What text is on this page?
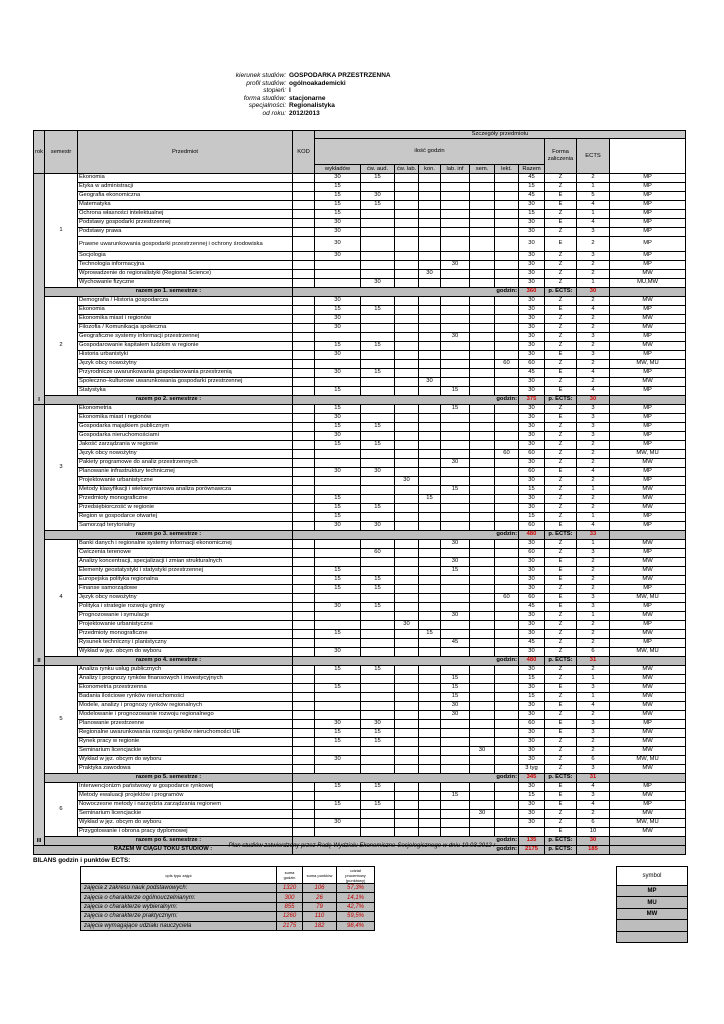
kierunek studiów: GOSPODARKA PRZESTRZENNA
profil studiów: ogólnoakademicki
stopień: I
forma studiów: stacjonarne
specjalności: Regionalistyka
od roku: 2012/2013
rok	semestr	Przedmiot	KOD	Szczegóły przedmiotu	
				ilość godzin								Forma zaliczenia	ECTS		
				wykładów	ćw. aud.	ćw. lab.	kon.	lab. inf	sem.	lekt.	Razem				
I	1	Ekonomia		30	15						45	Z	2	MP	
		Etyka w administracji		15							15	Z	1	MP	
		Geografia ekonomiczna		15	30						45	E	5	MP	
		Matematyka		15	15						30	E	4	MP	
		Ochrona własności intelektualnej		15							15	Z	1	MP	
		Podstawy gospodarki przestrzennej		30							30	E	4	MP	
		Podstawy prawa		30							30	Z	3	MP	
		Prawne uwarunkowania gospodarki przestrzennej i ochrony środowiska		30							30	E	2	MP	
		Socjologia		30							30	Z	3	MP	
		Technologia informacyjna						30			30	Z	2	MP	
		Wprowadzenie do regionalistyki (Regional Science)					30				30	Z	2	MW	
		Wychowanie fizyczne			30						30	Z	1	MU,MW	
	razem po 1. semestrze :		godzin:								360	p. ECTS:	30		
	2	Demografia / Historia gospodarcza		30							30	Z	2	MW	
		Ekonomia		15	15						30	E	4	MP	
		Ekonomika miast i regionów		30							30	Z	2	MW	
		Filozofia / Komunikacja społeczna		30							30	Z	2	MW	
		Geograficzne systemy informacji przestrzennej						30			30	Z	3	MP	
		Gospodarowanie kapitałem ludzkim w regionie		15	15						30	Z	2	MW	
		Historia urbanistyki		30							30	E	3	MP	
		Język obcy nowożytny								60	60	Z	2	MW, MU	
		Przyrodnicze uwarunkowania gospodarowania przestrzenią		30	15						45	E	4	MP	
		Społeczno–kulturowe uwarunkowania gospodarki przestrzennej					30				30	Z	2	MW	
		Statystyka		15				15			30	E	4	MP	
	razem po 2. semestrze :		godzin:								375	p. ECTS:	30		
II	3	Ekonometria		15				15			30	Z	3	MP	
		Ekonomika miast i regionów		30							30	E	3	MP	
		Gospodarka majątkiem publicznym		15	15						30	Z	3	MP	
		Gospodarka nieruchomościami		30							30	Z	3	MP	
		Jakość zarządzania w regionie		15	15						30	Z	2	MP	
		Język obcy nowożytny								60	60	Z	2	MW, MU	
		Pakiety programowe do analiz przestrzennych						30			30	Z	2	MW	
		Planowanie infrastruktury technicznej		30	30						60	E	4	MP	
		Projektowanie urbanistyczne				30					30	Z	2	MP	
		Metody klasyfikacji i wielowymiarowa analiza porównawcza						15			15	Z	1	MW	
		Przedmioty monograficzne		15			15				30	Z	2	MW	
		Przedsiębiorczość w regionie		15	15						30	Z	2	MW	
		Region w gospodarce otwartej		15							15	Z	1	MP	
		Samorząd terytorialny		30	30						60	E	4	MP	
	razem po 3. semestrze :		godzin:								480	p. ECTS:	33		
	4	Banki danych i regionalne systemy informacji ekonomicznej						30			30	Z	1	MW	
		Ćwiczenia terenowe			60						60	Z	3	MP	
		Analizy koncentracji, specjalizacji i zmian strukturalnych						30			30	E	2	MW	
		Elementy geostatystyki i statystyki przestrzennej		15				15			30	E	2	MW	
		Europejska polityka regionalna		15	15						30	E	2	MW	
		Finanse samorządowe		15	15						30	Z	2	MP	
		Język obcy nowożytny								60	60	E	3	MW, MU	
		Polityka i strategie rozwoju gminy		30	15						45	E	3	MP	
		Prognozowanie i symulacje						30			30	Z	1	MW	
		Projektowanie urbanistyczne				30					30	Z	2	MP	
		Przedmioty monograficzne		15			15				30	Z	2	MW	
		Rysunek techniczny i planistyczny						45			45	Z	2	MP	
		Wykład w jęz. obcym do wyboru		30							30	Z	6	MW, MU	
	razem po 4. semestrze :		godzin:								480	p. ECTS:	31		
III	5	Analiza rynku usług publicznych		15	15						30	Z	2	MW	
		Analizy i prognozy rynków finansowych i inwestycyjnych						15			15	Z	1	MW	
		Ekonometria przestrzenna		15				15			30	E	3	MW	
		Badania ilościowe rynków nieruchomości						15			15	Z	1	MW	
		Modele, analizy i prognozy rynków regionalnych						30			30	E	4	MW	
		Modelowanie i prognozowanie rozwoju regionalnego						30			30	Z	2	MW	
		Planowanie przestrzenne		30	30						60	E	3	MP	
		Regionalne uwarunkowania rozwoju rynków nieruchomości UE		15	15						30	E	3	MW	
		Rynek pracy w regionie		15	15						30	Z	2	MW	
		Seminarium licencjackie							30		30	Z	2	MW	
		Wykład w jęz. obcym do wyboru		30							30	Z	6	MW, MU	
		Praktyka zawodowa									3 tyg	Z	3	MW	
	razem po 5. semestrze :		godzin:								345	p. ECTS:	31		
	6	Interwencjonizm państwowy w gospodarce rynkowej		15	15						30	E	4	MP	
		Metody ewaluacji projektów i programów						15			15	E	3	MW	
		Nowoczesne metody i narzędzia zarządzania regionem		15	15						30	E	4	MP	
		Seminarium licencjackie							30		30	Z	2	MW	
		Wykład w jęz. obcym do wyboru		30							30	Z	6	MW, MU	
		Przygotowanie i obrona pracy dyplomowej										E	10	MW	
	razem po 6. semestrze :		godzin:								135	p. ECTS:	30		
RAZEM W CIĄGU TOKU STUDIÓW :			godzin:								2175	p. ECTS:	185		
Plan studiów zatwierdzony przez Radę Wydziału Ekonomiczno-Socjologicznego w dniu 19.03.2012 r
BILANS godzin i punktów ECTS:
opis typu zajęć	suma godzin	suma punktów	udział procentowy (punktowy)
zajęcia z zakresu nauk podstawowych:	1320	106	57,3%
zajęcia o charakterze ogólnouczelnianym:	300	26	14,1%
zajęcia o charakterze wybieralnym:	855	79	42,7%
zajęcia o charakterze praktycznym:	1260	110	59,5%
zajęcia wymagające udziału nauczyciela	2175	182	98,4%
symbol
MP
MU
MW
